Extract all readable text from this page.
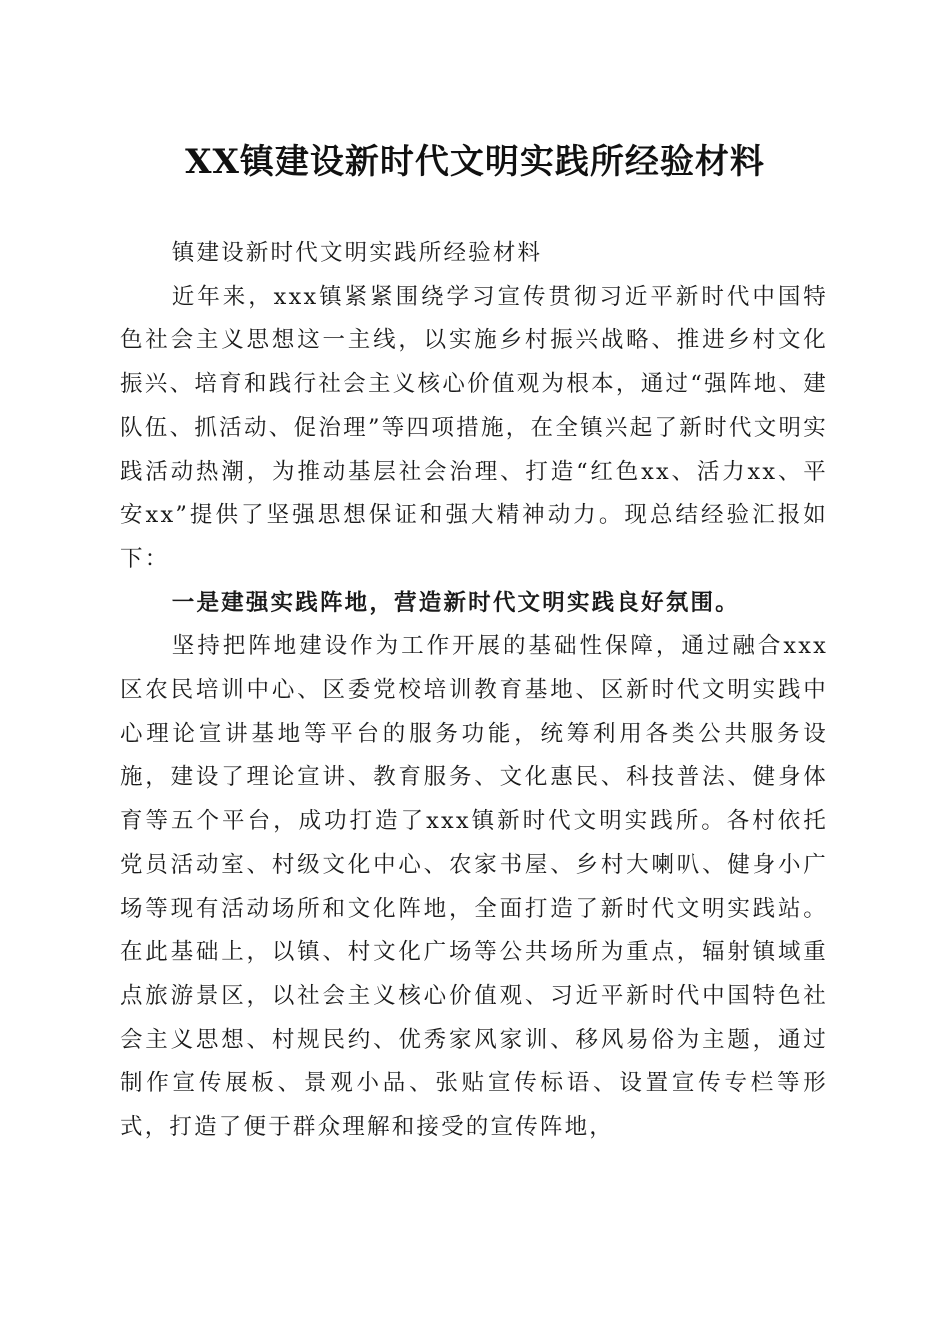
XX镇建设新时代文明实践所经验材料

镇建设新时代文明实践所经验材料

近年来，xxx镇紧紧围绕学习宣传贯彻习近平新时代中国特色社会主义思想这一主线，以实施乡村振兴战略、推进乡村文化振兴、培育和践行社会主义核心价值观为根本，通过“强阵地、建队伍、抓活动、促治理”等四项措施，在全镇兴起了新时代文明实践活动热潮，为推动基层社会治理、打造“红色xx、活力xx、平安xx”提供了坚强思想保证和强大精神动力。现总结经验汇报如下：

一是建强实践阵地，营造新时代文明实践良好氛围。

坚持把阵地建设作为工作开展的基础性保障，通过融合xxx区农民培训中心、区委党校培训教育基地、区新时代文明实践中心理论宣讲基地等平台的服务功能，统筹利用各类公共服务设施，建设了理论宣讲、教育服务、文化惠民、科技普法、健身体育等五个平台，成功打造了xxx镇新时代文明实践所。各村依托党员活动室、村级文化中心、农家书屋、乡村大喇叭、健身小广场等现有活动场所和文化阵地，全面打造了新时代文明实践站。在此基础上，以镇、村文化广场等公共场所为重点，辐射镇域重点旅游景区，以社会主义核心价值观、习近平新时代中国特色社会主义思想、村规民约、优秀家风家训、移风易俗为主题，通过制作宣传展板、景观小品、张贴宣传标语、设置宣传专栏等形式，打造了便于群众理解和接受的宣传阵地，
